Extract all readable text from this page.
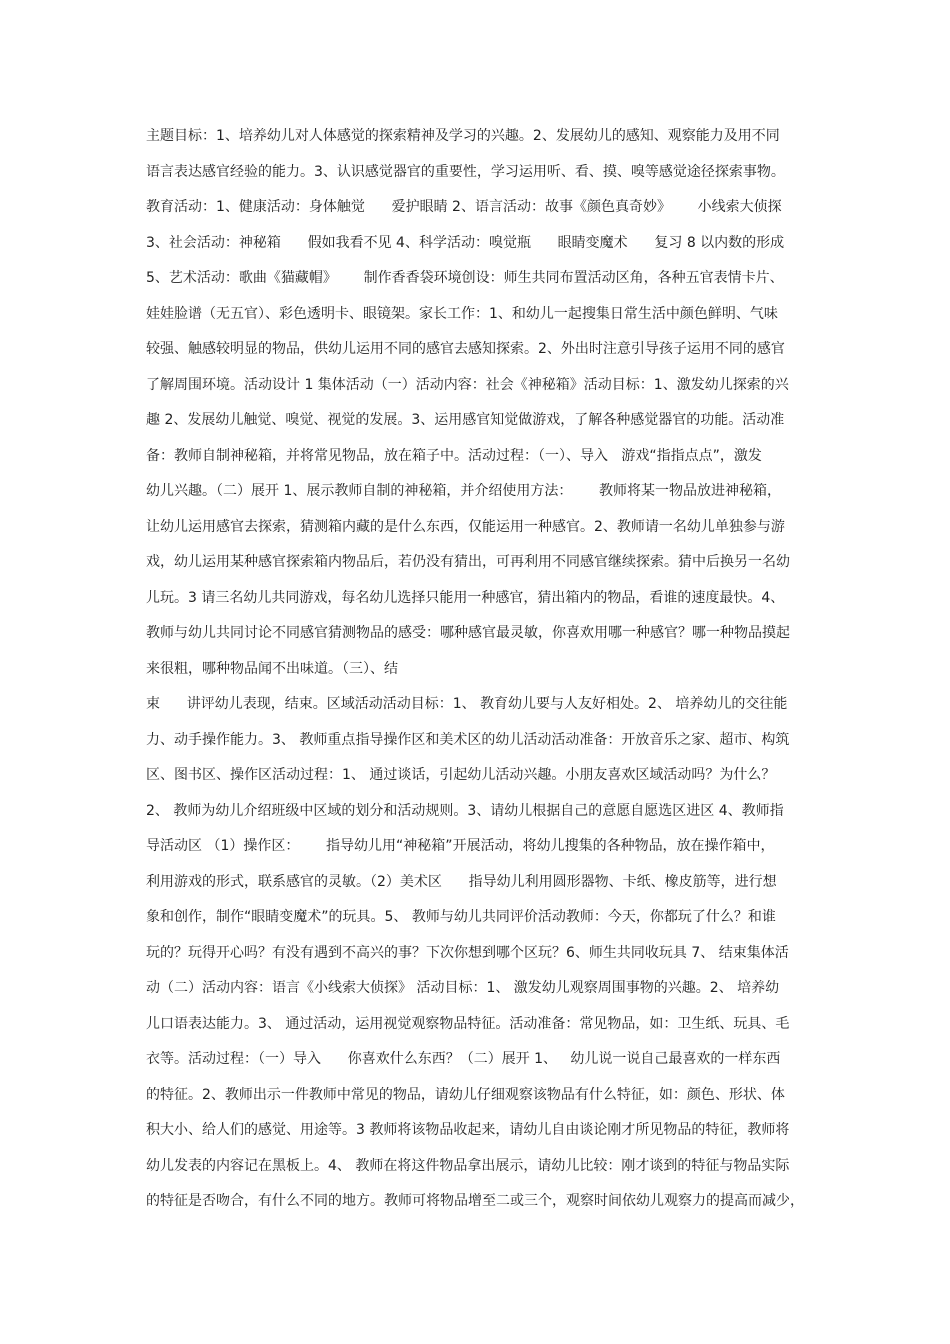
主题目标：1、培养幼儿对人体感觉的探索精神及学习的兴趣。2、发展幼儿的感知、观察能力及用不同
语言表达感官经验的能力。3、认识感觉器官的重要性，学习运用听、看、摸、嗅等感觉途径探索事物。
教育活动：1、健康活动：身体触觉      爱护眼睛 2、语言活动：故事《颜色真奇妙》      小线索大侦探
3、社会活动：神秘箱      假如我看不见 4、科学活动：嗅觉瓶      眼睛变魔术      复习 8 以内数的形成
5、艺术活动：歌曲《猫藏帽》      制作香香袋环境创设：师生共同布置活动区角，各种五官表情卡片、
娃娃脸谱（无五官）、彩色透明卡、眼镜架。家长工作：1、和幼儿一起搜集日常生活中颜色鲜明、气味
较强、触感较明显的物品，供幼儿运用不同的感官去感知探索。2、外出时注意引导孩子运用不同的感官
了解周围环境。活动设计 1 集体活动（一）活动内容：社会《神秘箱》活动目标：1、激发幼儿探索的兴
趣 2、发展幼儿触觉、嗅觉、视觉的发展。3、运用感官知觉做游戏，了解各种感觉器官的功能。活动准
备：教师自制神秘箱，并将常见物品，放在箱子中。活动过程：（一）、导入   游戏“指指点点”，激发
幼儿兴趣。（二）展开 1、展示教师自制的神秘箱，并介绍使用方法：      教师将某一物品放进神秘箱，
让幼儿运用感官去探索，猜测箱内藏的是什么东西，仅能运用一种感官。2、教师请一名幼儿单独参与游
戏，幼儿运用某种感官探索箱内物品后，若仍没有猜出，可再利用不同感官继续探索。猜中后换另一名幼
儿玩。3 请三名幼儿共同游戏，每名幼儿选择只能用一种感官，猜出箱内的物品，看谁的速度最快。4、
教师与幼儿共同讨论不同感官猜测物品的感受：哪种感官最灵敏，你喜欢用哪一种感官？哪一种物品摸起
来很粗，哪种物品闻不出味道。（三）、结
束      讲评幼儿表现，结束。区域活动活动目标：1、 教育幼儿要与人友好相处。2、 培养幼儿的交往能
力、动手操作能力。3、 教师重点指导操作区和美术区的幼儿活动活动准备：开放音乐之家、超市、构筑
区、图书区、操作区活动过程：1、 通过谈话，引起幼儿活动兴趣。小朋友喜欢区域活动吗？为什么？
2、 教师为幼儿介绍班级中区域的划分和活动规则。3、请幼儿根据自己的意愿自愿选区进区 4、教师指
导活动区 （1）操作区：      指导幼儿用“神秘箱”开展活动，将幼儿搜集的各种物品，放在操作箱中，
利用游戏的形式，联系感官的灵敏。（2）美术区      指导幼儿利用圆形器物、卡纸、橡皮筋等，进行想
象和创作，制作“眼睛变魔术”的玩具。5、 教师与幼儿共同评价活动教师：今天，你都玩了什么？和谁
玩的？玩得开心吗？有没有遇到不高兴的事？下次你想到哪个区玩？6、师生共同收玩具 7、 结束集体活
动（二）活动内容：语言《小线索大侦探》 活动目标：1、 激发幼儿观察周围事物的兴趣。2、 培养幼
儿口语表达能力。3、 通过活动，运用视觉观察物品特征。活动准备：常见物品，如：卫生纸、玩具、毛
衣等。活动过程：（一）导入      你喜欢什么东西？（二）展开 1、   幼儿说一说自己最喜欢的一样东西
的特征。2、教师出示一件教师中常见的物品，请幼儿仔细观察该物品有什么特征，如：颜色、形状、体
积大小、给人们的感觉、用途等。3 教师将该物品收起来，请幼儿自由谈论刚才所见物品的特征，教师将
幼儿发表的内容记在黑板上。4、 教师在将这件物品拿出展示，请幼儿比较：刚才谈到的特征与物品实际
的特征是否吻合，有什么不同的地方。教师可将物品增至二或三个，观察时间依幼儿观察力的提高而减少，
